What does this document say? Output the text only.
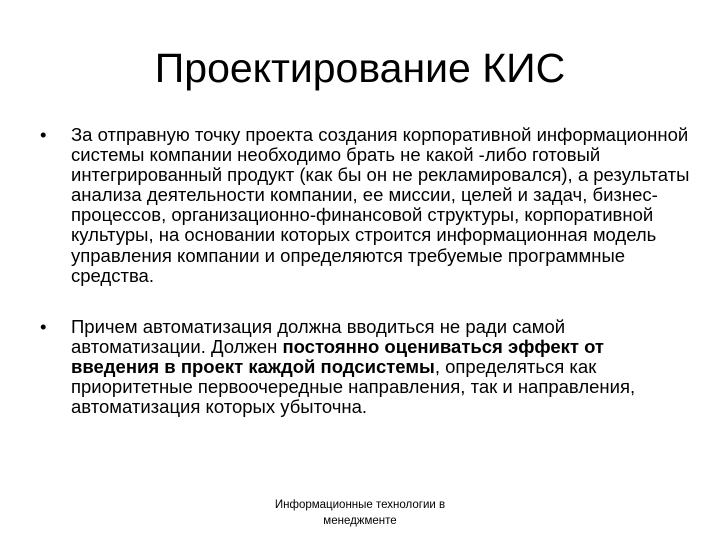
Проектирование КИС
•	За отправную точку проекта создания корпоративной информационной системы компании необходимо брать не какой -либо готовый интегрированный продукт (как бы он не рекламировался), а результаты анализа деятельности компании, ее миссии, целей и задач, бизнес-процессов, организационно-финансовой структуры, корпоративной культуры, на основании которых строится информационная модель управления компании и определяются требуемые программные средства.
•	Причем автоматизация должна вводиться не ради самой автоматизации. Должен постоянно оцениваться эффект от введения в проект каждой подсистемы, определяться как приоритетные первоочередные направления, так и направления, автоматизация которых убыточна.
Информационные технологии в
менеджменте
